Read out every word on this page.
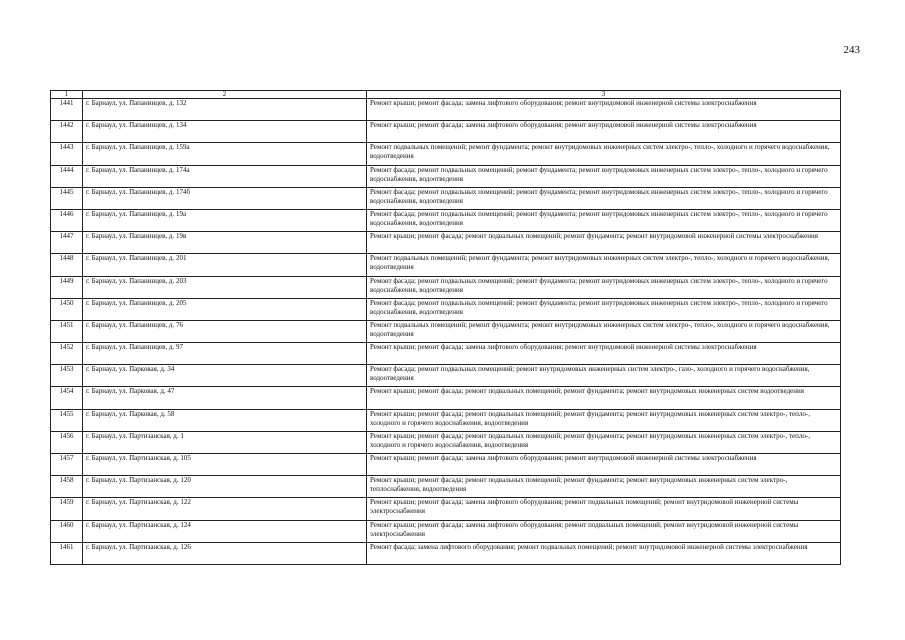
243
1	2	3
1441	г. Барнаул, ул. Папанинцев, д. 132	Ремонт крыши; ремонт фасада; замена лифтового оборудования; ремонт внутридомовой инженерной системы электроснабжения
1442	г. Барнаул, ул. Папанинцев, д. 134	Ремонт крыши; ремонт фасада; замена лифтового оборудования; ремонт внутридомовой инженерной системы электроснабжения
1443	г. Барнаул, ул. Папанинцев, д. 159а	Ремонт подвальных помещений; ремонт фундамента; ремонт внутридомовых инженерных систем электро-, тепло-, холодного и горячего водоснабжения, водоотведения
1444	г. Барнаул, ул. Папанинцев, д. 174а	Ремонт фасада; ремонт подвальных помещений; ремонт фундамента; ремонт внутридомовых инженерных систем электро-, тепло-, холодного и горячего водоснабжения, водоотведения
1445	г. Барнаул, ул. Папанинцев, д. 174б	Ремонт фасада; ремонт подвальных помещений; ремонт фундамента; ремонт внутридомовых инженерных систем электро-, тепло-, холодного и горячего водоснабжения, водоотведения
1446	г. Барнаул, ул. Папанинцев, д. 19а	Ремонт фасада; ремонт подвальных помещений; ремонт фундамента; ремонт внутридомовых инженерных систем электро-, тепло-, холодного и горячего водоснабжения, водоотведения
1447	г. Барнаул, ул. Папанинцев, д. 19в	Ремонт крыши; ремонт фасада; ремонт подвальных помещений; ремонт фундамента; ремонт внутридомовой инженерной системы электроснабжения
1448	г. Барнаул, ул. Папанинцев, д. 201	Ремонт подвальных помещений; ремонт фундамента; ремонт внутридомовых инженерных систем электро-, тепло-, холодного и горячего водоснабжения, водоотведения
1449	г. Барнаул, ул. Папанинцев, д. 203	Ремонт фасада; ремонт подвальных помещений; ремонт фундамента; ремонт внутридомовых инженерных систем электро-, тепло-, холодного и горячего водоснабжения, водоотведения
1450	г. Барнаул, ул. Папанинцев, д. 205	Ремонт фасада; ремонт подвальных помещений; ремонт фундамента; ремонт внутридомовых инженерных систем электро-, тепло-, холодного и горячего водоснабжения, водоотведения
1451	г. Барнаул, ул. Папанинцев, д. 76	Ремонт подвальных помещений; ремонт фундамента; ремонт внутридомовых инженерных систем электро-, тепло-, холодного и горячего водоснабжения, водоотведения
1452	г. Барнаул, ул. Папанинцев, д. 97	Ремонт крыши; ремонт фасада; замена лифтового оборудования; ремонт внутридомовой инженерной системы электроснабжения
1453	г. Барнаул, ул. Парковая, д. 34	Ремонт фасада; ремонт подвальных помещений; ремонт внутридомовых инженерных систем электро-, газо-, холодного и горячего водоснабжения, водоотведения
1454	г. Барнаул, ул. Парковая, д. 47	Ремонт крыши; ремонт фасада; ремонт подвальных помещений; ремонт фундамента; ремонт внутридомовых инженерных систем водоотведения
1455	г. Барнаул, ул. Парковая, д. 58	Ремонт крыши; ремонт фасада; ремонт подвальных помещений; ремонт фундамента; ремонт внутридомовых инженерных систем электро-, тепло-, холодного и горячего водоснабжения, водоотведения
1456	г. Барнаул, ул. Партизанская, д. 1	Ремонт крыши; ремонт фасада; ремонт подвальных помещений; ремонт фундамента; ремонт внутридомовых инженерных систем электро-, тепло-, холодного и горячего водоснабжения, водоотведения
1457	г. Барнаул, ул. Партизанская, д. 105	Ремонт крыши; ремонт фасада; замена лифтового оборудования; ремонт внутридомовой инженерной системы электроснабжения
1458	г. Барнаул, ул. Партизанская, д. 120	Ремонт крыши; ремонт фасада; ремонт подвальных помещений; ремонт фундамента; ремонт внутридомовых инженерных систем электро-, теплоснабжения, водоотведения
1459	г. Барнаул, ул. Партизанская, д. 122	Ремонт крыши; ремонт фасада; замена лифтового оборудования; ремонт подвальных помещений; ремонт внутридомовой инженерной системы электроснабжения
1460	г. Барнаул, ул. Партизанская, д. 124	Ремонт крыши; ремонт фасада; замена лифтового оборудования; ремонт подвальных помещений; ремонт внутридомовой инженерной системы электроснабжения
1461	г. Барнаул, ул. Партизанская, д. 126	Ремонт фасада; замена лифтового оборудования; ремонт подвальных помещений; ремонт внутридомовой инженерной системы электроснабжения
